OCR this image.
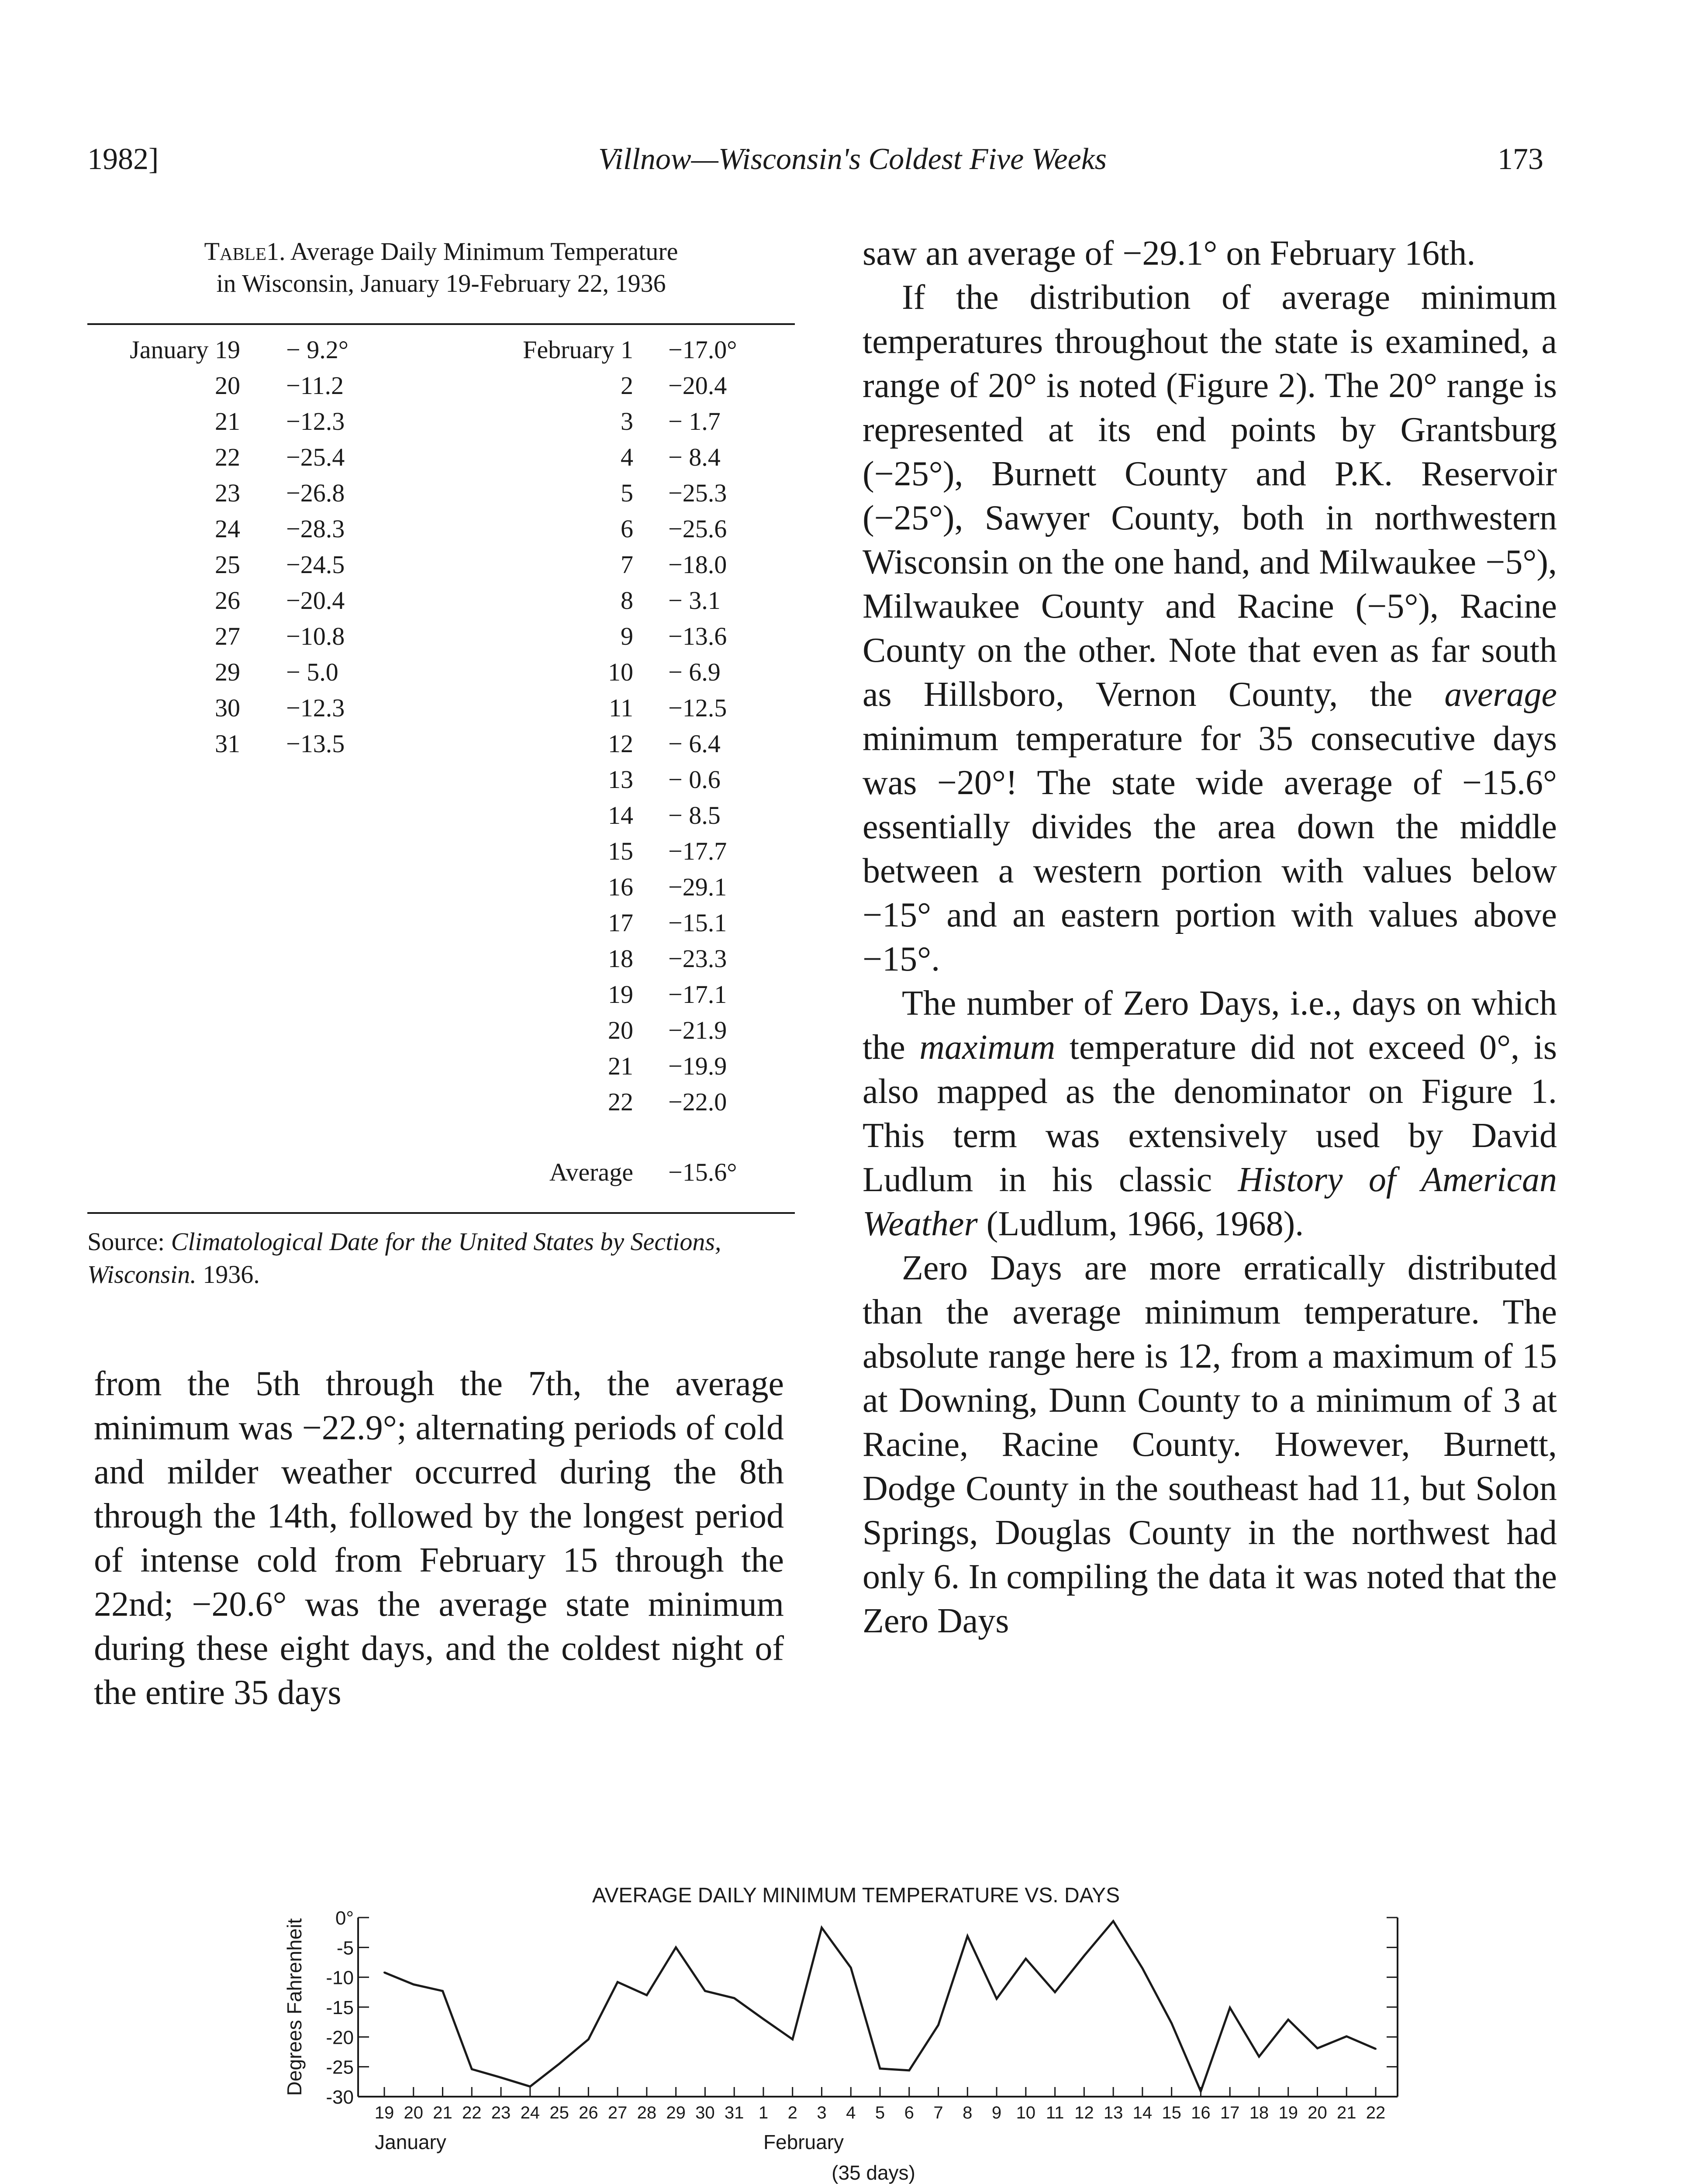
1982]	Villnow—Wisconsin's Coldest Five Weeks	173
Table1. Average Daily Minimum Temperature
in Wisconsin, January 19-February 22, 1936
January 19 − 9.2°
20 −11.2
21 −12.3
22 −25.4
23 −26.8
24 −28.3
25 −24.5
26 −20.4
27 −10.8
29 − 5.0
30 −12.3
31 −13.5
February 1 −17.0°
2 −20.4
3 − 1.7
4 − 8.4
5 −25.3
6 −25.6
7 −18.0
8 − 3.1
9 −13.6
10 − 6.9
11 −12.5
12 − 6.4
13 − 0.6
14 − 8.5
15 −17.7
16 −29.1
17 −15.1
18 −23.3
19 −17.1
20 −21.9
21 −19.9
22 −22.0
Average −15.6°
Source: Climatological Date for the United States by Sections, Wisconsin. 1936.

from the 5th through the 7th, the average minimum was −22.9°; alternating periods of cold and milder weather occurred during the 8th through the 14th, followed by the longest period of intense cold from February 15 through the 22nd; −20.6° was the average state minimum during these eight days, and the coldest night of the entire 35 days

saw an average of −29.1° on February 16th.

If the distribution of average minimum temperatures throughout the state is examined, a range of 20° is noted (Figure 2). The 20° range is represented at its end points by Grantsburg (−25°), Burnett County and P.K. Reservoir (−25°), Sawyer County, both in northwestern Wisconsin on the one hand, and Milwaukee −5°), Milwaukee County and Racine (−5°), Racine County on the other. Note that even as far south as Hillsboro, Vernon County, the average minimum temperature for 35 consecutive days was −20°! The state wide average of −15.6° essentially divides the area down the middle between a western portion with values below −15° and an eastern portion with values above −15°.

The number of Zero Days, i.e., days on which the maximum temperature did not exceed 0°, is also mapped as the denominator on Figure 1. This term was extensively used by David Ludlum in his classic History of American Weather (Ludlum, 1966, 1968).

Zero Days are more erratically distributed than the average minimum temperature. The absolute range here is 12, from a maximum of 15 at Downing, Dunn County to a minimum of 3 at Racine, Racine County. However, Burnett, Dodge County in the southeast had 11, but Solon Springs, Douglas County in the northwest had only 6. In compiling the data it was noted that the Zero Days

AVERAGE DAILY MINIMUM TEMPERATURE VS. DAYS
0°
-5
-10
-15
-20
-25
-30
Degrees Fahrenheit
19 20 21 22 23 24 25 26 27 28 29 30 31 1 2 3 4 5 6 7 8 9 10 11 12 13 14 15 16 17 18 19 20 21 22
January	February
(35 days)
